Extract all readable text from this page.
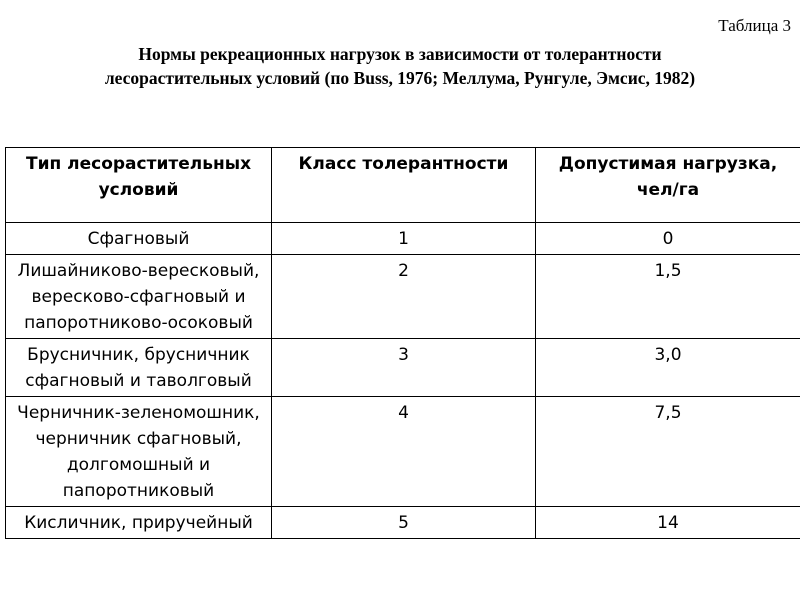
Таблица 3
Нормы рекреационных нагрузок в зависимости от толерантности
лесорастительных условий (по Buss, 1976; Меллума, Рунгуле, Эмсис, 1982)
Тип лесорастительных условий	Класс толерантности	Допустимая нагрузка, чел/га
Сфагновый	1	0
Лишайниково-вересковый, вересково-сфагновый и папоротниково-осоковый	2	1,5
Брусничник, брусничник сфагновый и таволговый	3	3,0
Черничник-зеленомошник, черничник сфагновый, долгомошный и папоротниковый	4	7,5
Кисличник, приручейный	5	14
